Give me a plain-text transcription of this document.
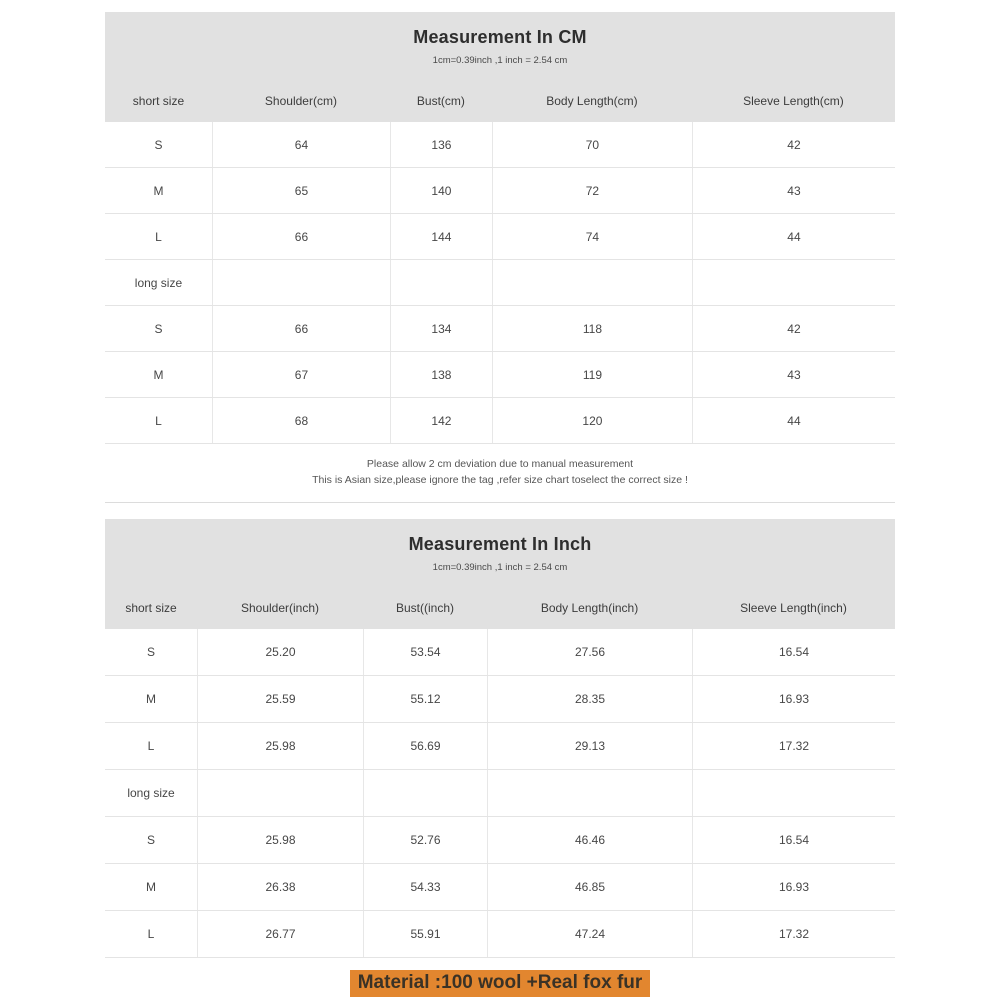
Measurement In CM
1cm=0.39inch ,1 inch = 2.54 cm
short size	Shoulder(cm)	Bust(cm)	Body Length(cm)	Sleeve Length(cm)
S	64	136	70	42
M	65	140	72	43
L	66	144	74	44
long size
S	66	134	118	42
M	67	138	119	43
L	68	142	120	44
Please allow 2 cm deviation due to manual measurement
This is Asian size,please ignore the tag ,refer size chart toselect the correct size !
Measurement In Inch
1cm=0.39inch ,1 inch = 2.54 cm
short size	Shoulder(inch)	Bust((inch)	Body Length(inch)	Sleeve Length(inch)
S	25.20	53.54	27.56	16.54
M	25.59	55.12	28.35	16.93
L	25.98	56.69	29.13	17.32
long size
S	25.98	52.76	46.46	16.54
M	26.38	54.33	46.85	16.93
L	26.77	55.91	47.24	17.32
Material :100 wool +Real fox fur
